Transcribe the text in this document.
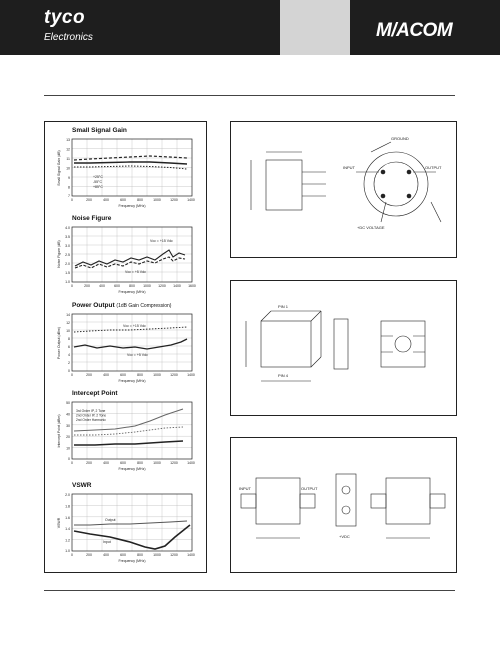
tyco
Electronics	M/ACOM
Small Signal Gain
+25°C
-55°C
+85°C
13
12
11
10
9
8
7
0	200	400	600	800	1000	1200	1400
Frequency (MHz)
Small Signal Gain (dB)
Noise Figure
Vcc = +15 Vdc
Vcc = +5 Vdc
4.0
3.5
3.0
2.5
2.0
1.5
1.0
0	200	400	600	800 1000 1200 1400 1600
Frequency (MHz)
Noise Figure (dB)
Power Output (1dB Gain Compression)
Vcc = +15 Vdc
Vcc = +5 Vdc
14
12
10
8
6
4
2
0
0	200	400	600	800	1000	1200	1400
Frequency (MHz)
Power Output (dBm)
Intercept Point
3rd Order IP, 2 Tone
2nd Order IP, 2 Tone
2nd Order Harmonic
50
40
30
20
10
0
0	200	400	600	800	1000	1200	1400
Frequency (MHz)
Intercept Point (dBm)
VSWR
Output
Input
2.0
1.8
1.6
1.4
1.2
1.0
0	200	400	600	800	1000	1200	1400
Frequency (MHz)
VSWR
GROUND
INPUT	OUTPUT
+DC VOLTAGE
PIN 1
PIN 4
INPUT
+VDC
OUTPUT
